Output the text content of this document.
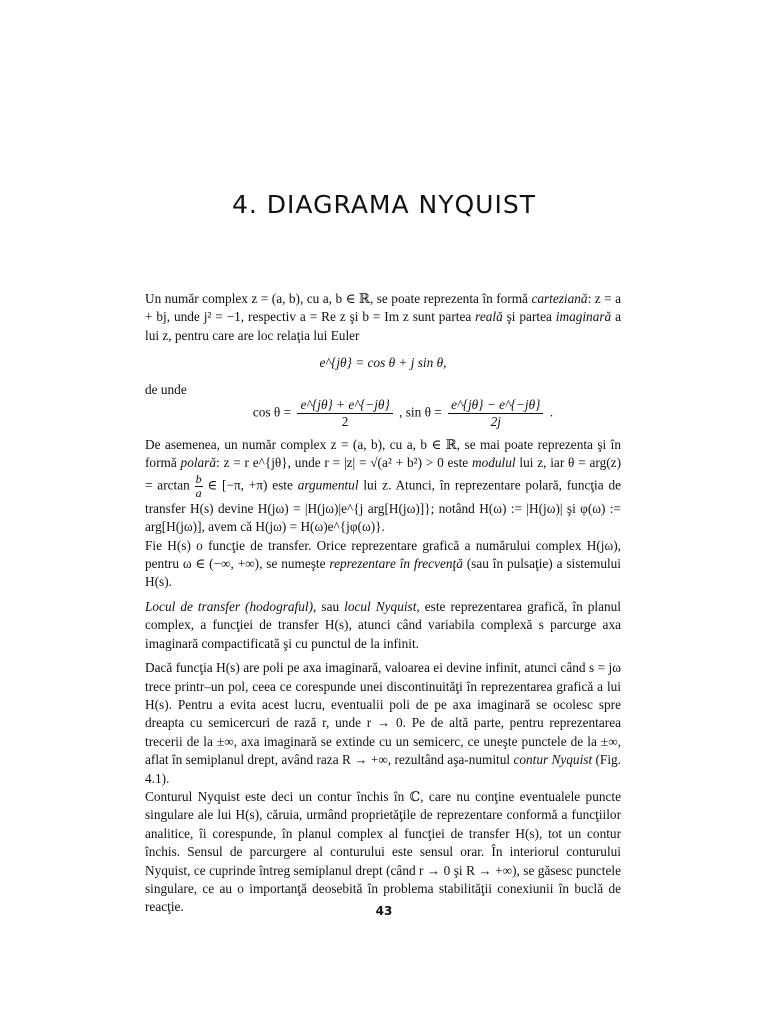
4. DIAGRAMA NYQUIST

Un număr complex z = (a, b), cu a, b ∈ ℝ, se poate reprezenta în formă carteziană: z = a + bj, unde j² = −1, respectiv a = Re z şi b = Im z sunt partea reală şi partea imaginară a lui z, pentru care are loc relaţia lui Euler

e^{jθ} = cos θ + j sin θ,

de unde

$\cos \theta = \frac{e\^{}\{j\theta\} + e\^{}\{-j\theta\}}{2}$ , $\sin \theta = \frac{e\^{}\{j\theta\} - e\^{}\{-j\theta\}}{2j}$ .

De asemenea, un număr complex z = (a, b), cu a, b ∈ ℝ, se mai poate reprezenta şi în formă polară: z = r e^{jθ}, unde r = |z| = √(a² + b²) > 0 este modulul lui z, iar $\theta = arg(z) = \arctan \frac{b}{a}$ ∈ [−π, +π) este argumentul lui z. Atunci, în reprezentare polară, funcţia de transfer H(s) devine H(jω) = |H(jω)|e^{j arg[H(jω)]}; notând H(ω) := |H(jω)| şi φ(ω) := arg[H(jω)], avem că H(jω) = H(ω)e^{jφ(ω)}.

Fie H(s) o funcţie de transfer. Orice reprezentare grafică a numărului complex H(jω), pentru ω ∈ (−∞, +∞), se numeşte reprezentare în frecvenţă (sau în pulsaţie) a sistemului H(s).

Locul de transfer (hodograful), sau locul Nyquist, este reprezentarea grafică, în planul complex, a funcţiei de transfer H(s), atunci când variabila complexă s parcurge axa imaginară compactificată şi cu punctul de la infinit.

Dacă funcţia H(s) are poli pe axa imaginară, valoarea ei devine infinit, atunci când s = jω trece printr–un pol, ceea ce corespunde unei discontinuităţi în reprezentarea grafică a lui H(s). Pentru a evita acest lucru, eventualii poli de pe axa imaginară se ocolesc spre dreapta cu semicercuri de rază r, unde r → 0. Pe de altă parte, pentru reprezentarea trecerii de la ±∞, axa imaginară se extinde cu un semicerc, ce uneşte punctele de la ±∞, aflat în semiplanul drept, având raza R → +∞, rezultând aşa-numitul contur Nyquist (Fig. 4.1).

Conturul Nyquist este deci un contur închis în ℂ, care nu conţine eventualele puncte singulare ale lui H(s), căruia, urmând proprietăţile de reprezentare conformă a funcţiilor analitice, îi corespunde, în planul complex al funcţiei de transfer H(s), tot un contur închis. Sensul de parcurgere al conturului este sensul orar. În interiorul conturului Nyquist, ce cuprinde întreg semiplanul drept (când r → 0 şi R → +∞), se găsesc punctele singulare, ce au o importanţă deosebită în problema stabilităţii conexiunii în buclă de reacţie.	43
